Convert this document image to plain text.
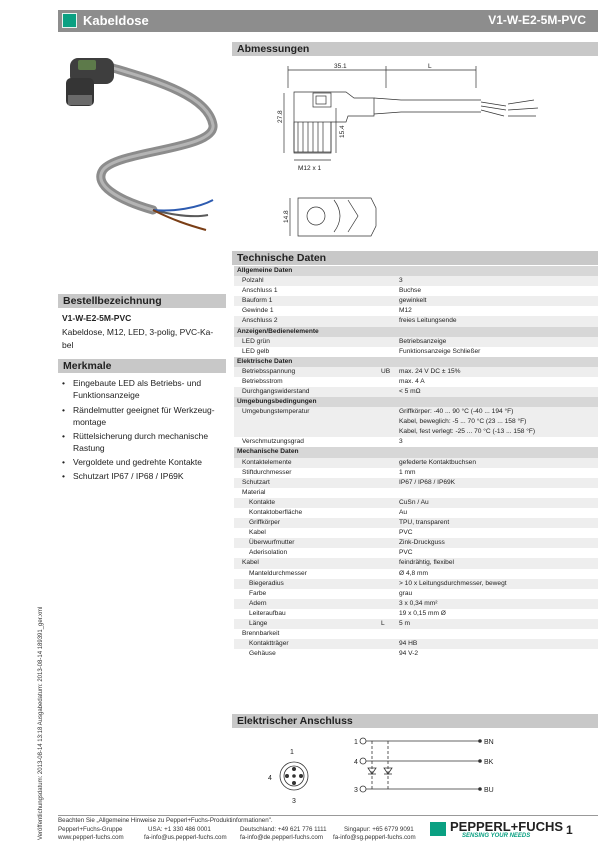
Kabeldose	V1-W-E2-5M-PVC
Abmessungen
35.1	L
27.8
15.4
M12 x 1
14.8
Technische Daten
Allgemeine Daten		
Polzahl		3
Anschluss 1		Buchse
Bauform 1		gewinkelt
Gewinde 1		M12
Anschluss 2		freies Leitungsende
Anzeigen/Bedienelemente		
LED grün		Betriebsanzeige
LED gelb		Funktionsanzeige Schließer
Elektrische Daten		
Betriebsspannung	UB	max. 24 V DC ± 15%
Betriebsstrom		max. 4 A
Durchgangswiderstand		< 5 mΩ
Umgebungsbedingungen		
Umgebungstemperatur		Griffkörper: -40 ... 90 °C (-40 ... 194 °F)
Kabel, beweglich: -5 ... 70 °C (23 ... 158 °F)
Kabel, fest verlegt: -25 ... 70 °C (-13 ... 158 °F)
Verschmutzungsgrad		3
Mechanische Daten		
Kontaktelemente		gefederte Kontaktbuchsen
Stiftdurchmesser		1 mm
Schutzart		IP67 / IP68 / IP69K
Material		
Kontakte		CuSn / Au
Kontaktoberfläche		Au
Griffkörper		TPU, transparent
Kabel		PVC
Überwurfmutter		Zink-Druckguss
Aderisolation		PVC
Kabel		feindrähtig, flexibel
Manteldurchmesser		Ø 4,8 mm
Biegeradius		> 10 x Leitungsdurchmesser, bewegt
Farbe		grau
Adern		3 x 0,34 mm²
Leiteraufbau		19 x 0,15 mm Ø
Länge	L	5 m
Brennbarkeit		
Kontaktträger		94 HB
Gehäuse		94 V-2
Bestellbezeichnung
V1-W-E2-5M-PVC
Kabeldose, M12, LED, 3-polig, PVC-Ka-
bel
Merkmale
• Eingebaute LED als Betriebs- und Funktionsanzeige
• Rändelmutter geeignet für Werkzeug-montage
• Rüttelsicherung durch mechanische Rastung
• Vergoldete und gedrehte Kontakte
• Schutzart IP67 / IP68 / IP69K
Elektrischer Anschluss
1
4
3
1
4
3
BN
BK
BU
Veröffentlichungsdatum: 2013-08-14 13:18 Ausgabedatum: 2013-08-14 189391_ger.xml Beachten Sie „Allgemeine Hinweise zu Pepperl+Fuchs-Produktinformationen".
Pepperl+Fuchs-Gruppe
www.pepperl-fuchs.com
USA: +1 330 486 0001
fa-info@us.pepperl-fuchs.com
Deutschland: +49 621 776 1111
fa-info@de.pepperl-fuchs.com
Singapur: +65 6779 9091
fa-info@sg.pepperl-fuchs.com
PEPPERL+FUCHS
SENSING YOUR NEEDS	1
